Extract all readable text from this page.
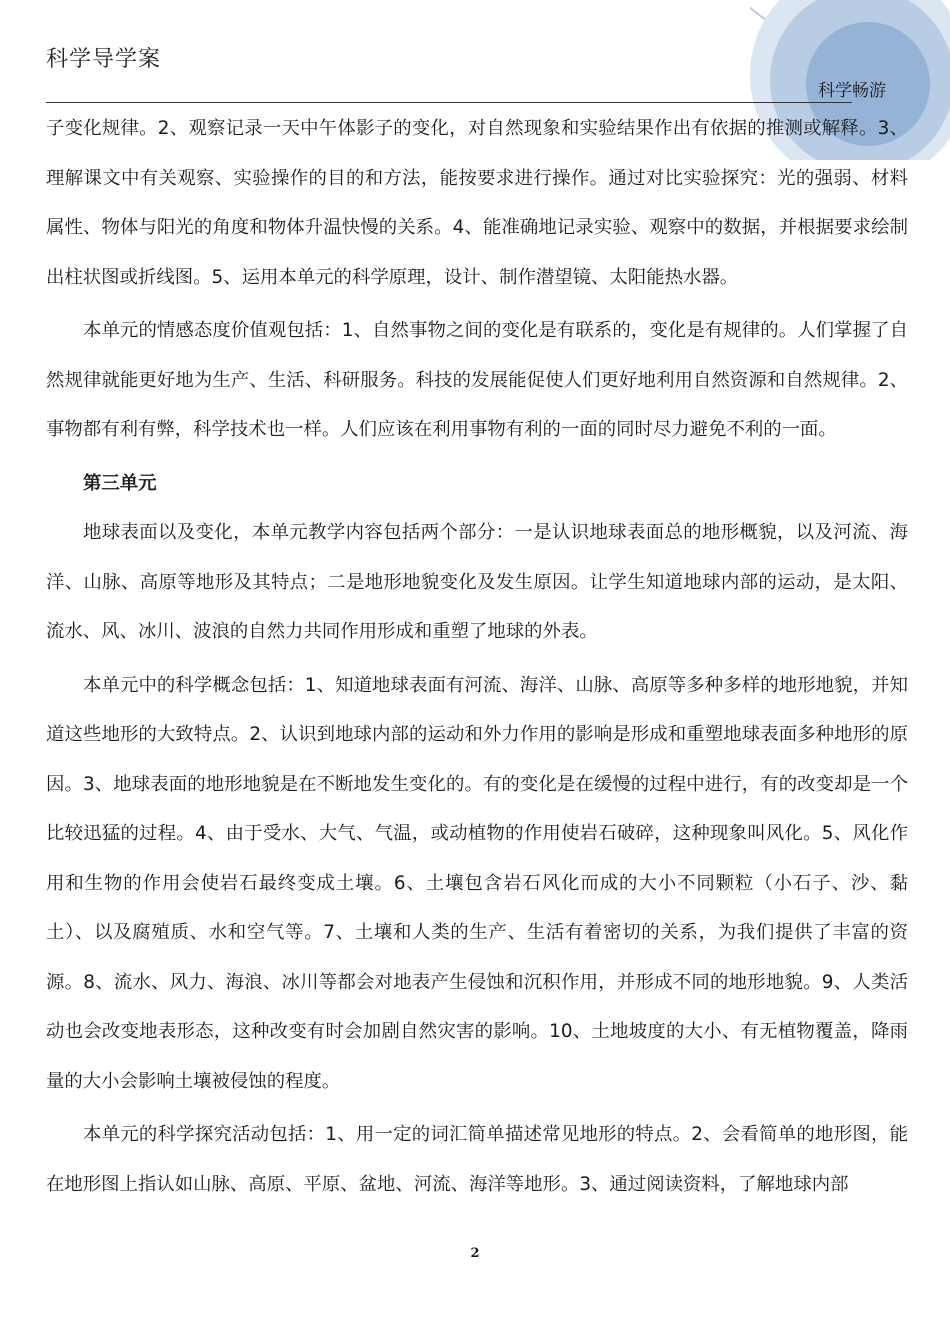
科学导学案
科学畅游

子变化规律。2、观察记录一天中午体影子的变化，对自然现象和实验结果作出有依据的推测或解释。3、理解课文中有关观察、实验操作的目的和方法，能按要求进行操作。通过对比实验探究：光的强弱、材料属性、物体与阳光的角度和物体升温快慢的关系。4、能准确地记录实验、观察中的数据，并根据要求绘制出柱状图或折线图。5、运用本单元的科学原理，设计、制作潜望镜、太阳能热水器。

本单元的情感态度价值观包括：1、自然事物之间的变化是有联系的，变化是有规律的。人们掌握了自然规律就能更好地为生产、生活、科研服务。科技的发展能促使人们更好地利用自然资源和自然规律。2、事物都有利有弊，科学技术也一样。人们应该在利用事物有利的一面的同时尽力避免不利的一面。

第三单元

地球表面以及变化，本单元教学内容包括两个部分：一是认识地球表面总的地形概貌，以及河流、海洋、山脉、高原等地形及其特点；二是地形地貌变化及发生原因。让学生知道地球内部的运动，是太阳、流水、风、冰川、波浪的自然力共同作用形成和重塑了地球的外表。

本单元中的科学概念包括：1、知道地球表面有河流、海洋、山脉、高原等多种多样的地形地貌，并知道这些地形的大致特点。2、认识到地球内部的运动和外力作用的影响是形成和重塑地球表面多种地形的原因。3、地球表面的地形地貌是在不断地发生变化的。有的变化是在缓慢的过程中进行，有的改变却是一个比较迅猛的过程。4、由于受水、大气、气温，或动植物的作用使岩石破碎，这种现象叫风化。5、风化作用和生物的作用会使岩石最终变成土壤。6、土壤包含岩石风化而成的大小不同颗粒（小石子、沙、黏土）、以及腐殖质、水和空气等。7、土壤和人类的生产、生活有着密切的关系，为我们提供了丰富的资源。8、流水、风力、海浪、冰川等都会对地表产生侵蚀和沉积作用，并形成不同的地形地貌。9、人类活动也会改变地表形态，这种改变有时会加剧自然灾害的影响。10、土地坡度的大小、有无植物覆盖，降雨量的大小会影响土壤被侵蚀的程度。

本单元的科学探究活动包括：1、用一定的词汇简单描述常见地形的特点。2、会看简单的地形图，能在地形图上指认如山脉、高原、平原、盆地、河流、海洋等地形。3、通过阅读资料，了解地球内部

2
